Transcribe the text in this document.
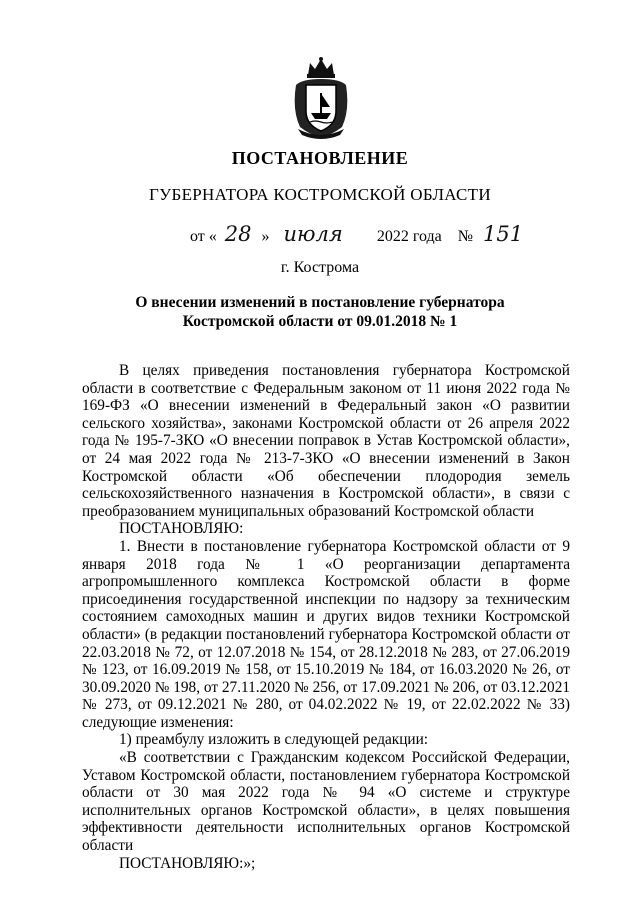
ПОСТАНОВЛЕНИЕ
ГУБЕРНАТОРА КОСТРОМСКОЙ ОБЛАСТИ
от « 28 » июля 2022 года № 151
г. Кострома
О внесении изменений в постановление губернатора
Костромской области от 09.01.2018 № 1

В целях приведения постановления губернатора Костромской области в соответствие с Федеральным законом от 11 июня 2022 года № 169-ФЗ «О внесении изменений в Федеральный закон «О развитии сельского хозяйства», законами Костромской области от 26 апреля 2022 года № 195-7-ЗКО «О внесении поправок в Устав Костромской области», от 24 мая 2022 года № 213-7-ЗКО «О внесении изменений в Закон Костромской области «Об обеспечении плодородия земель сельскохозяйственного назначения в Костромской области», в связи с преобразованием муниципальных образований Костромской области

ПОСТАНОВЛЯЮ:

1. Внести в постановление губернатора Костромской области от 9 января 2018 года № 1 «О реорганизации департамента агропромышленного комплекса Костромской области в форме присоединения государственной инспекции по надзору за техническим состоянием самоходных машин и других видов техники Костромской области» (в редакции постановлений губернатора Костромской области от 22.03.2018 № 72, от 12.07.2018 № 154, от 28.12.2018 № 283, от 27.06.2019 № 123, от 16.09.2019 № 158, от 15.10.2019 № 184, от 16.03.2020 № 26, от 30.09.2020 № 198, от 27.11.2020 № 256, от 17.09.2021 № 206, от 03.12.2021 № 273, от 09.12.2021 № 280, от 04.02.2022 № 19, от 22.02.2022 № 33) следующие изменения:

1) преамбулу изложить в следующей редакции:

«В соответствии с Гражданским кодексом Российской Федерации, Уставом Костромской области, постановлением губернатора Костромской области от 30 мая 2022 года № 94 «О системе и структуре исполнительных органов Костромской области», в целях повышения эффективности деятельности исполнительных органов Костромской области

ПОСТАНОВЛЯЮ:»;
